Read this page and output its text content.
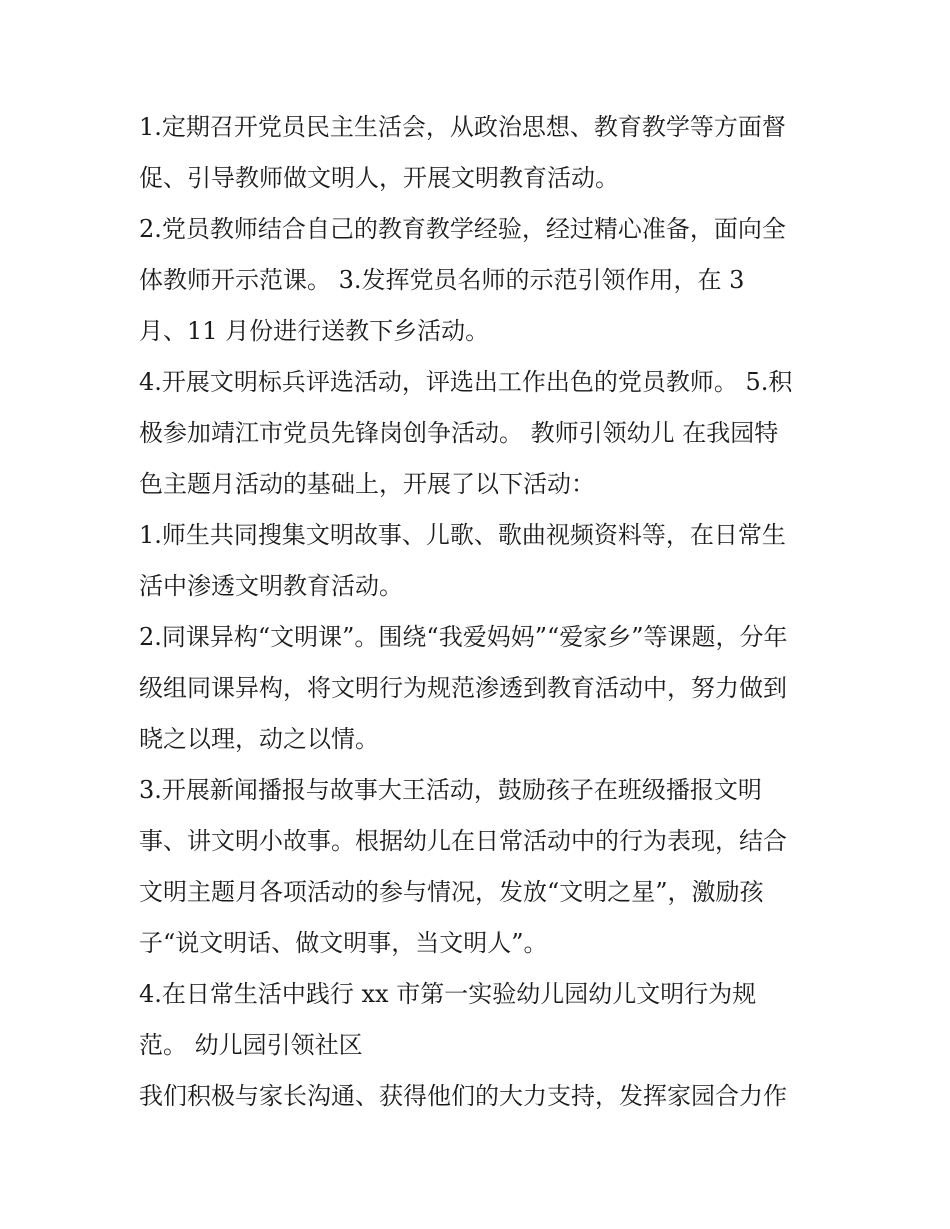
1.定期召开党员民主生活会，从政治思想、教育教学等方面督
促、引导教师做文明人，开展文明教育活动。
2.党员教师结合自己的教育教学经验，经过精心准备，面向全
体教师开示范课。 3.发挥党员名师的示范引领作用，在 3
月、11 月份进行送教下乡活动。
4.开展文明标兵评选活动，评选出工作出色的党员教师。 5.积
极参加靖江市党员先锋岗创争活动。 教师引领幼儿 在我园特
色主题月活动的基础上，开展了以下活动：
1.师生共同搜集文明故事、儿歌、歌曲视频资料等，在日常生
活中渗透文明教育活动。
2.同课异构“文明课”。围绕“我爱妈妈”“爱家乡”等课题，分年
级组同课异构，将文明行为规范渗透到教育活动中，努力做到
晓之以理，动之以情。
3.开展新闻播报与故事大王活动，鼓励孩子在班级播报文明
事、讲文明小故事。根据幼儿在日常活动中的行为表现，结合
文明主题月各项活动的参与情况，发放“文明之星”，激励孩
子“说文明话、做文明事，当文明人”。
4.在日常生活中践行 xx 市第一实验幼儿园幼儿文明行为规
范。 幼儿园引领社区
我们积极与家长沟通、获得他们的大力支持，发挥家园合力作
